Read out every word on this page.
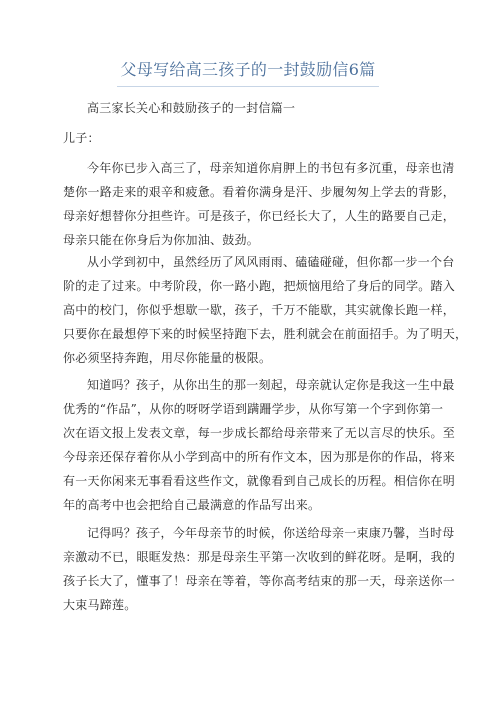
父母写给高三孩子的一封鼓励信6篇
高三家长关心和鼓励孩子的一封信篇一
儿子：
今年你已步入高三了，母亲知道你肩胛上的书包有多沉重，母亲也清
楚你一路走来的艰辛和疲惫。看着你满身是汗、步履匆匆上学去的背影，
母亲好想替你分担些许。可是孩子，你已经长大了，人生的路要自己走，
母亲只能在你身后为你加油、鼓劲。
从小学到初中，虽然经历了风风雨雨、磕磕碰碰，但你都一步一个台
阶的走了过来。中考阶段，你一路小跑，把烦恼甩给了身后的同学。踏入
高中的校门，你似乎想歇一歇，孩子，千万不能歇，其实就像长跑一样，
只要你在最想停下来的时候坚持跑下去，胜利就会在前面招手。为了明天，
你必须坚持奔跑，用尽你能量的极限。
知道吗？孩子，从你出生的那一刻起，母亲就认定你是我这一生中最
优秀的“作品”，从你的呀呀学语到蹒跚学步，从你写第一个字到你第一
次在语文报上发表文章，每一步成长都给母亲带来了无以言尽的快乐。至
今母亲还保存着你从小学到高中的所有作文本，因为那是你的作品，将来
有一天你闲来无事看看这些作文，就像看到自己成长的历程。相信你在明
年的高考中也会把给自己最满意的作品写出来。
记得吗？孩子，今年母亲节的时候，你送给母亲一束康乃馨，当时母
亲激动不已，眼眶发热：那是母亲生平第一次收到的鲜花呀。是啊，我的
孩子长大了，懂事了！母亲在等着，等你高考结束的那一天，母亲送你一
大束马蹄莲。
